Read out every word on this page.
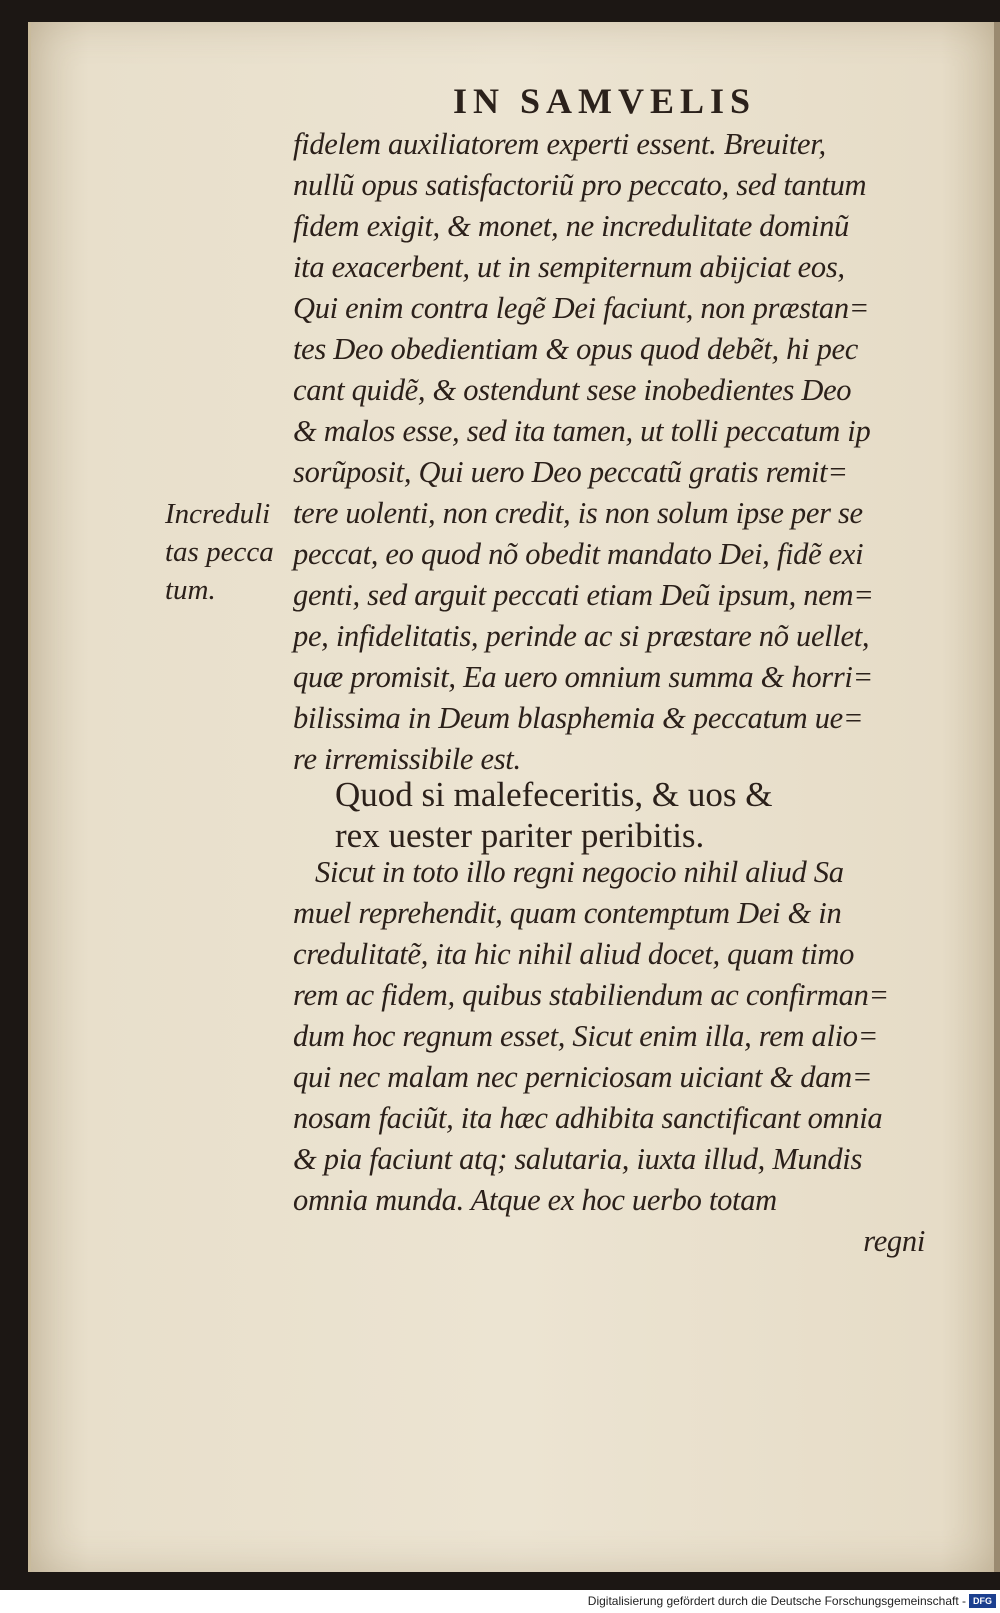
IN SAMVELIS
fidelem auxiliatorem experti essent. Breuiter,
nullũ opus satisfactoriũ pro peccato, sed tantum
fidem exigit, & monet, ne incredulitate dominũ
ita exacerbent, ut in sempiternum abijciat eos,
Qui enim contra legẽ Dei faciunt, non præstan=
tes Deo obedientiam & opus quod debẽt, hi pec
cant quidẽ, & ostendunt sese inobedientes Deo
& malos esse, sed ita tamen, ut tolli peccatum ip
sorũposit, Qui uero Deo peccatũ gratis remit=
tere uolenti, non credit, is non solum ipse per se
peccat, eo quod nõ obedit mandato Dei, fidẽ exi
genti, sed arguit peccati etiam Deũ ipsum, nem=
pe, infidelitatis, perinde ac si præstare nõ uellet,
quæ promisit, Ea uero omnium summa & horri=
bilissima in Deum blasphemia & peccatum ue=
re irremissibile est.
Increduli
tas pecca
tum.
Quod si malefeceritis, & uos &
rex uester pariter peribitis.
Sicut in toto illo regni negocio nihil aliud Sa
muel reprehendit, quam contemptum Dei & in
credulitatẽ, ita hic nihil aliud docet, quam timo
rem ac fidem, quibus stabiliendum ac confirman=
dum hoc regnum esset, Sicut enim illa, rem alio=
qui nec malam nec perniciosam uiciant & dam=
nosam faciũt, ita hæc adhibita sanctificant omnia
& pia faciunt atq; salutaria, iuxta illud, Mundis
omnia munda. Atque ex hoc uerbo totam
regni
Digitalisierung gefördert durch die Deutsche Forschungsgemeinschaft - DFG
